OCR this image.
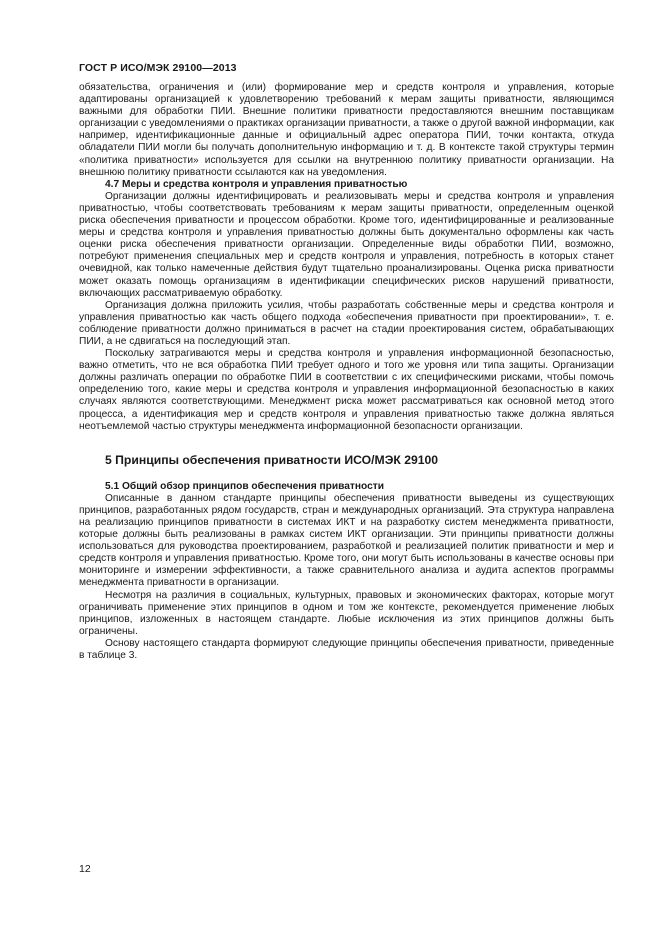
ГОСТ Р ИСО/МЭК 29100—2013

обязательства, ограничения и (или) формирование мер и средств контроля и управления, которые адаптированы организацией к удовлетворению требований к мерам защиты приватности, являющимся важными для обработки ПИИ. Внешние политики приватности предоставляются внешним поставщикам организации с уведомлениями о практиках организации приватности, а также о другой важной информации, как например, идентификационные данные и официальный адрес оператора ПИИ, точки контакта, откуда обладатели ПИИ могли бы получать дополнительную информацию и т. д. В контексте такой структуры термин «политика приватности» используется для ссылки на внутреннюю политику приватности организации. На внешнюю политику приватности ссылаются как на уведомления.

4.7 Меры и средства контроля и управления приватностью

Организации должны идентифицировать и реализовывать меры и средства контроля и управления приватностью, чтобы соответствовать требованиям к мерам защиты приватности, определенным оценкой риска обеспечения приватности и процессом обработки. Кроме того, идентифицированные и реализованные меры и средства контроля и управления приватностью должны быть документально оформлены как часть оценки риска обеспечения приватности организации. Определенные виды обработки ПИИ, возможно, потребуют применения специальных мер и средств контроля и управления, потребность в которых станет очевидной, как только намеченные действия будут тщательно проанализированы. Оценка риска приватности может оказать помощь организациям в идентификации специфических рисков нарушений приватности, включающих рассматриваемую обработку.

Организация должна приложить усилия, чтобы разработать собственные меры и средства контроля и управления приватностью как часть общего подхода «обеспечения приватности при проектировании», т. е. соблюдение приватности должно приниматься в расчет на стадии проектирования систем, обрабатывающих ПИИ, а не сдвигаться на последующий этап.

Поскольку затрагиваются меры и средства контроля и управления информационной безопасностью, важно отметить, что не вся обработка ПИИ требует одного и того же уровня или типа защиты. Организации должны различать операции по обработке ПИИ в соответствии с их специфическими рисками, чтобы помочь определению того, какие меры и средства контроля и управления информационной безопасностью в каких случаях являются соответствующими. Менеджмент риска может рассматриваться как основной метод этого процесса, а идентификация мер и средств контроля и управления приватностью также должна являться неотъемлемой частью структуры менеджмента информационной безопасности организации.

5 Принципы обеспечения приватности ИСО/МЭК 29100

5.1 Общий обзор принципов обеспечения приватности

Описанные в данном стандарте принципы обеспечения приватности выведены из существующих принципов, разработанных рядом государств, стран и международных организаций. Эта структура направлена на реализацию принципов приватности в системах ИКТ и на разработку систем менеджмента приватности, которые должны быть реализованы в рамках систем ИКТ организации. Эти принципы приватности должны использоваться для руководства проектированием, разработкой и реализацией политик приватности и мер и средств контроля и управления приватностью. Кроме того, они могут быть использованы в качестве основы при мониторинге и измерении эффективности, а также сравнительного анализа и аудита аспектов программы менеджмента приватности в организации.

Несмотря на различия в социальных, культурных, правовых и экономических факторах, которые могут ограничивать применение этих принципов в одном и том же контексте, рекомендуется применение любых принципов, изложенных в настоящем стандарте. Любые исключения из этих принципов должны быть ограничены.

Основу настоящего стандарта формируют следующие принципы обеспечения приватности, приведенные в таблице 3.

12
